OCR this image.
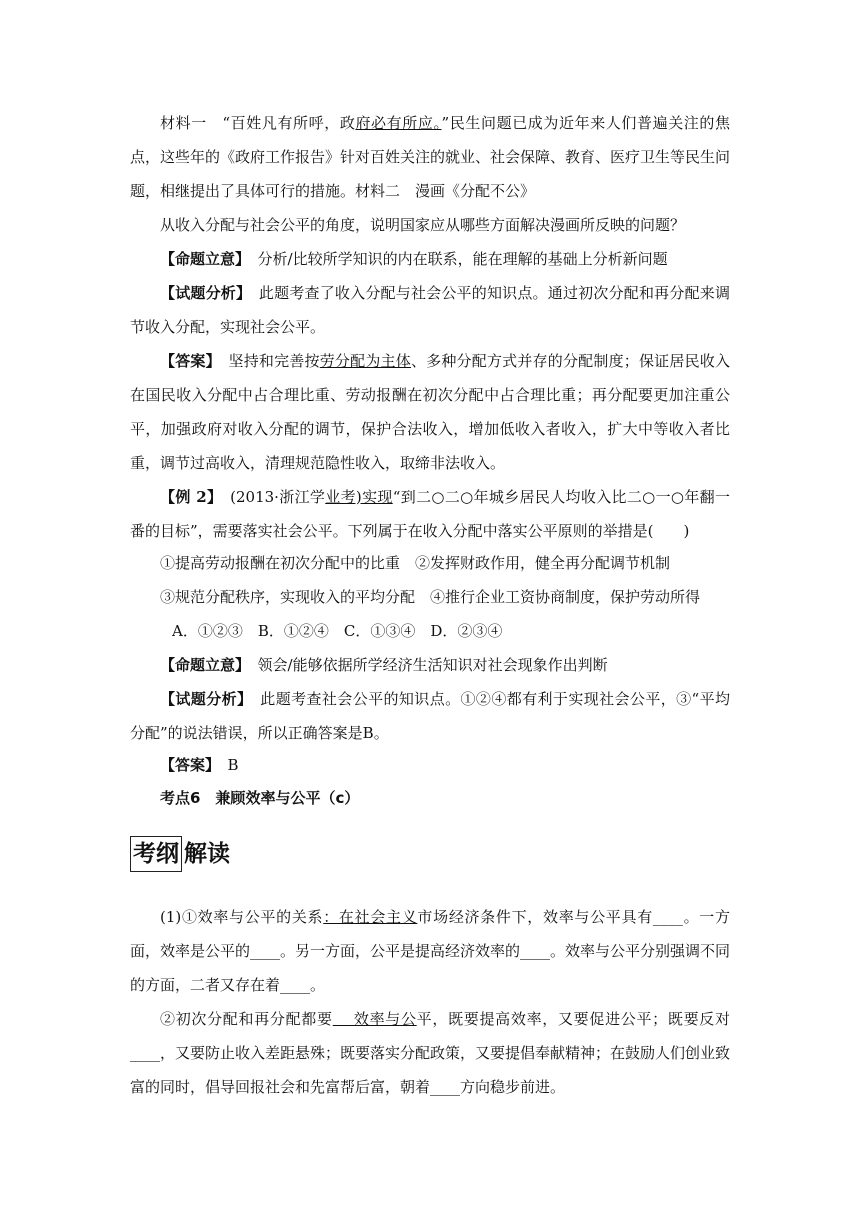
材料一　“百姓凡有所呼，政府必有所应。”民生问题已成为近年来人们普遍关注的焦点，这些年的《政府工作报告》针对百姓关注的就业、社会保障、教育、医疗卫生等民生问题，相继提出了具体可行的措施。材料二　漫画《分配不公》

从收入分配与社会公平的角度，说明国家应从哪些方面解决漫画所反映的问题？

【命题立意】　分析/比较所学知识的内在联系，能在理解的基础上分析新问题

【试题分析】　此题考查了收入分配与社会公平的知识点。通过初次分配和再分配来调节收入分配，实现社会公平。

【答案】　坚持和完善按劳分配为主体、多种分配方式并存的分配制度；保证居民收入在国民收入分配中占合理比重、劳动报酬在初次分配中占合理比重；再分配要更加注重公平，加强政府对收入分配的调节，保护合法收入，增加低收入者收入，扩大中等收入者比重，调节过高收入，清理规范隐性收入，取缔非法收入。

【例 2】　(2013·浙江学业考)实现“到二○二○年城乡居民人均收入比二○一○年翻一番的目标”，需要落实社会公平。下列属于在收入分配中落实公平原则的举措是(　　)

①提高劳动报酬在初次分配中的比重　②发挥财政作用，健全再分配调节机制

③规范分配秩序，实现收入的平均分配　④推行企业工资协商制度，保护劳动所得

A．①②③　B．①②④　C．①③④　D．②③④

【命题立意】　领会/能够依据所学经济生活知识对社会现象作出判断

【试题分析】　此题考查社会公平的知识点。①②④都有利于实现社会公平，③“平均分配”的说法错误，所以正确答案是B。

【答案】　B

考点6　兼顾效率与公平（c）
考纲 解读

(1)①效率与公平的关系：在社会主义市场经济条件下，效率与公平具有____。一方面，效率是公平的____。另一方面，公平是提高经济效率的____。效率与公平分别强调不同的方面，二者又存在着____。

②初次分配和再分配都要　 效率与公平，既要提高效率，又要促进公平；既要反对____，又要防止收入差距悬殊；既要落实分配政策，又要提倡奉献精神；在鼓励人们创业致富的同时，倡导回报社会和先富帮后富，朝着____方向稳步前进。
